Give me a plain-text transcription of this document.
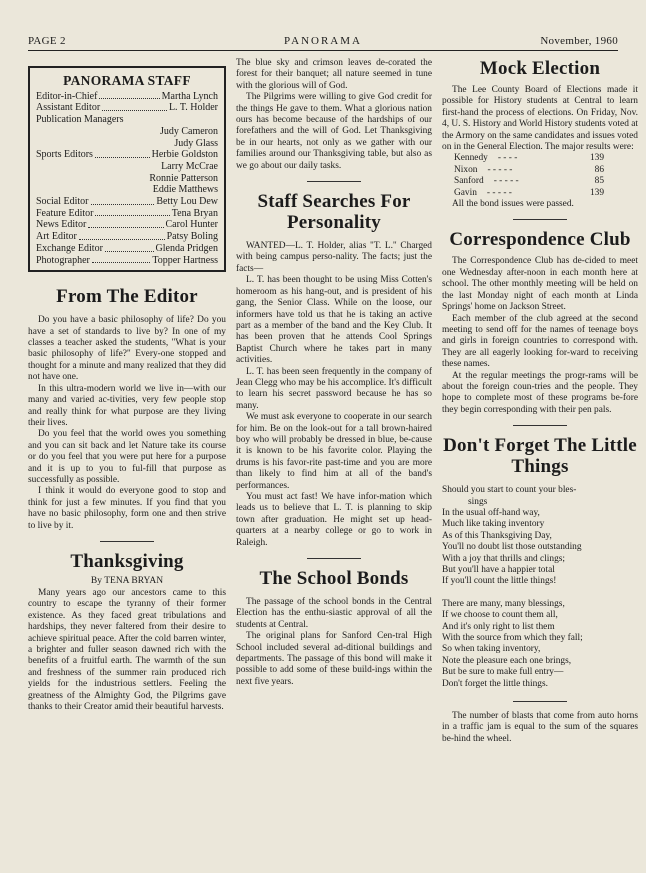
PAGE 2	PANORAMA	November, 1960
PANORAMA STAFF
Editor-in-Chief	Martha Lynch
Assistant Editor	L. T. Holder
Publication Managers
Judy Cameron
Judy Glass
Sports Editors	Herbie Goldston
Larry McCrae
Ronnie Patterson
Eddie Matthews
Social Editor	Betty Lou Dew
Feature Editor	Tena Bryan
News Editor	Carol Hunter
Art Editor	Patsy Boling
Exchange Editor	Glenda Pridgen
Photographer	Topper Hartness
From The Editor

Do you have a basic philosophy of life? Do you have a set of standards to live by? In one of my classes a teacher asked the students, "What is your basic philosophy of life?" Every-one stopped and thought for a minute and many realized that they did not have one.

In this ultra-modern world we live in—with our many and varied ac-tivities, very few people stop and really think for what purpose are they living their lives.

Do you feel that the world owes you something and you can sit back and let Nature take its course or do you feel that you were put here for a purpose and it is up to you to ful-fill that purpose as successfully as possible.

I think it would do everyone good to stop and think for just a few minutes. If you find that you have no basic philosophy, form one and then strive to live by it.

Thanksgiving
By TENA BRYAN

Many years ago our ancestors came to this country to escape the tyranny of their former existence. As they faced great tribulations and hardships, they never faltered from their desire to achieve spiritual peace. After the cold barren winter, a brighter and fuller season dawned rich with the benefits of a fruitful earth. The warmth of the sun and freshness of the summer rain produced rich yields for the industrious settlers. Feeling the greatness of the Almighty God, the Pilgrims gave thanks to their Creator amid their beautiful harvests.

The blue sky and crimson leaves de-corated the forest for their banquet; all nature seemed in tune with the glorious will of God.

The Pilgrims were willing to give God credit for the things He gave to them. What a glorious nation ours has become because of the hardships of our forefathers and the will of God. Let Thanksgiving be in our hearts, not only as we gather with our families around our Thanksgiving table, but also as we go about our daily tasks.

Staff Searches For Personality

WANTED—L. T. Holder, alias "T. L." Charged with being campus perso-nality. The facts; just the facts—

L. T. has been thought to be using Miss Cotten's homeroom as his hang-out, and is president of his gang, the Senior Class. While on the loose, our informers have told us that he is taking an active part as a member of the band and the Key Club. It has been proven that he attends Cool Springs Baptist Church where he takes part in many activities.

L. T. has been seen frequently in the company of Jean Clegg who may be his accomplice. It's difficult to learn his secret password because he has so many.

We must ask everyone to cooperate in our search for him. Be on the look-out for a tall brown-haired boy who will probably be dressed in blue, be-cause it is known to be his favorite color. Playing the drums is his favor-rite past-time and you are more than likely to find him at all of the band's performances.

You must act fast! We have infor-mation which leads us to believe that L. T. is planning to skip town after graduation. He might set up head-quarters at a nearby college or go to work in Raleigh.

The School Bonds

The passage of the school bonds in the Central Election has the enthu-siastic approval of all the students at Central.

The original plans for Sanford Cen-tral High School included several ad-ditional buildings and departments. The passage of this bond will make it possible to add some of these build-ings within the next five years.

Mock Election

The Lee County Board of Elections made it possible for History students at Central to learn first-hand the process of elections. On Friday, Nov. 4, U. S. History and World History students voted at the Armory on the same candidates and issues voted on in the General Election. The major results were:

Kennedy - - - -	139
Nixon - - - - -	86
Sanford - - - - -	85
Gavin - - - - -	139

All the bond issues were passed.

Correspondence Club

The Correspondence Club has de-cided to meet one Wednesday after-noon in each month here at school. The other monthly meeting will be held on the last Monday night of each month at Linda Springs' home on Jackson Street.

Each member of the club agreed at the second meeting to send off for the names of teenage boys and girls in foreign countries to correspond with. They are all eagerly looking for-ward to receiving these names.

At the regular meetings the progr-rams will be about the foreign coun-tries and the people. They hope to complete most of these programs be-fore they begin corresponding with their pen pals.

Don't Forget The Little Things
Should you start to count your bles-
sings
In the usual off-hand way,
Much like taking inventory
As of this Thanksgiving Day,
You'll no doubt list those outstanding
With a joy that thrills and clings;
But you'll have a happier total
If you'll count the little things!
There are many, many blessings,
If we choose to count them all,
And it's only right to list them
With the source from which they fall;
So when taking inventory,
Note the pleasure each one brings,
But be sure to make full entry—
Don't forget the little things.

The number of blasts that come from auto horns in a traffic jam is equal to the sum of the squares be-hind the wheel.
